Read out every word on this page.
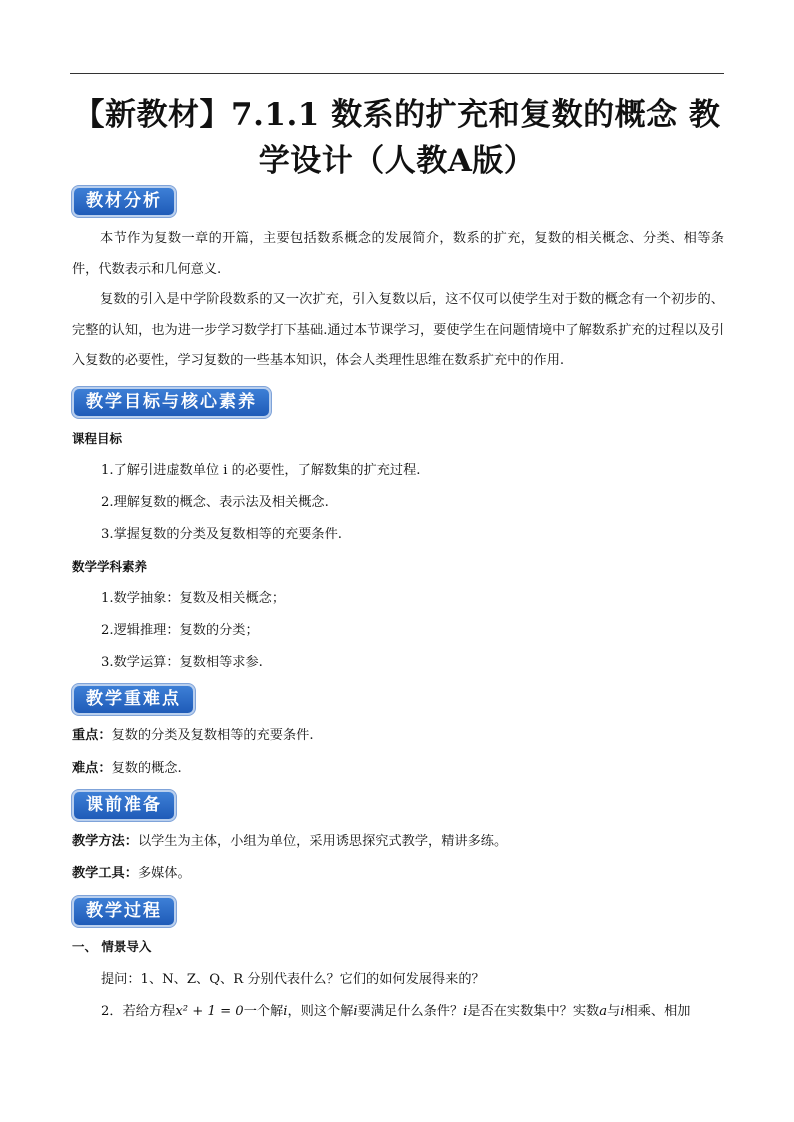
【新教材】7.1.1 数系的扩充和复数的概念 教学设计（人教A版）
教材分析
本节作为复数一章的开篇，主要包括数系概念的发展简介，数系的扩充，复数的相关概念、分类、相等条件，代数表示和几何意义.
复数的引入是中学阶段数系的又一次扩充，引入复数以后，这不仅可以使学生对于数的概念有一个初步的、完整的认知，也为进一步学习数学打下基础.通过本节课学习，要使学生在问题情境中了解数系扩充的过程以及引入复数的必要性，学习复数的一些基本知识，体会人类理性思维在数系扩充中的作用.
教学目标与核心素养
课程目标
1.了解引进虚数单位 i 的必要性，了解数集的扩充过程.
2.理解复数的概念、表示法及相关概念.
3.掌握复数的分类及复数相等的充要条件.
数学学科素养
1.数学抽象：复数及相关概念；
2.逻辑推理：复数的分类；
3.数学运算：复数相等求参.
教学重难点
重点：复数的分类及复数相等的充要条件.
难点：复数的概念.
课前准备
教学方法：以学生为主体，小组为单位，采用诱思探究式教学，精讲多练。
教学工具：多媒体。
教学过程
一、 情景导入
提问：1、N、Z、Q、R 分别代表什么？它们的如何发展得来的？
2．若给方程x² + 1 = 0一个解i，则这个解i要满足什么条件？i是否在实数集中？实数a与i相乘、相加
